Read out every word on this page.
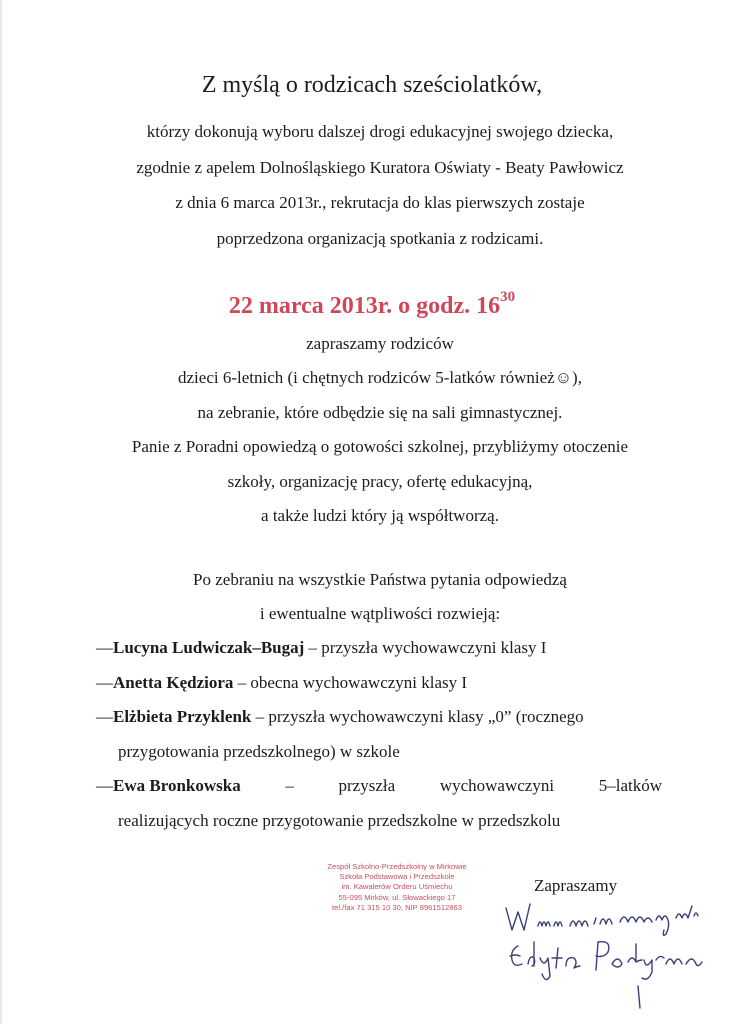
Z myślą o rodzicach sześciolatków,
którzy dokonują wyboru dalszej drogi edukacyjnej swojego dziecka,
zgodnie z apelem Dolnośląskiego Kuratora Oświaty - Beaty Pawłowicz
z dnia 6 marca 2013r., rekrutacja do klas pierwszych zostaje
poprzedzona organizacją spotkania z rodzicami.
22 marca 2013r. o godz. $16^{30}$
zapraszamy rodziców
dzieci 6-letnich (i chętnych rodziców 5-latków również☺),
na zebranie, które odbędzie się na sali gimnastycznej.
Panie z Poradni opowiedzą o gotowości szkolnej, przybliżymy otoczenie
szkoły, organizację pracy, ofertę edukacyjną,
a także ludzi który ją współtworzą.
Po zebraniu na wszystkie Państwa pytania odpowiedzą
i ewentualne wątpliwości rozwieją:
—Lucyna Ludwiczak–Bugaj – przyszła wychowawczyni klasy I
—Anetta Kędziora – obecna wychowawczyni klasy I
—Elżbieta Przyklenk – przyszła wychowawczyni klasy „0” (rocznego
przygotowania przedszkolnego) w szkole
—Ewa Bronkowska	–	przyszła	wychowawczyni	5–latków
realizujących roczne przygotowanie przedszkolne w przedszkolu
Zespół Szkolno-Przedszkolny w Mirkowie
Szkoła Podstawowa i Przedszkole
im. Kawalerów Orderu Uśmiechu
55-095 Mirków, ul. Słowackiego 17
tel./fax 71 315 10 30, NIP 8961512863
Zapraszamy
